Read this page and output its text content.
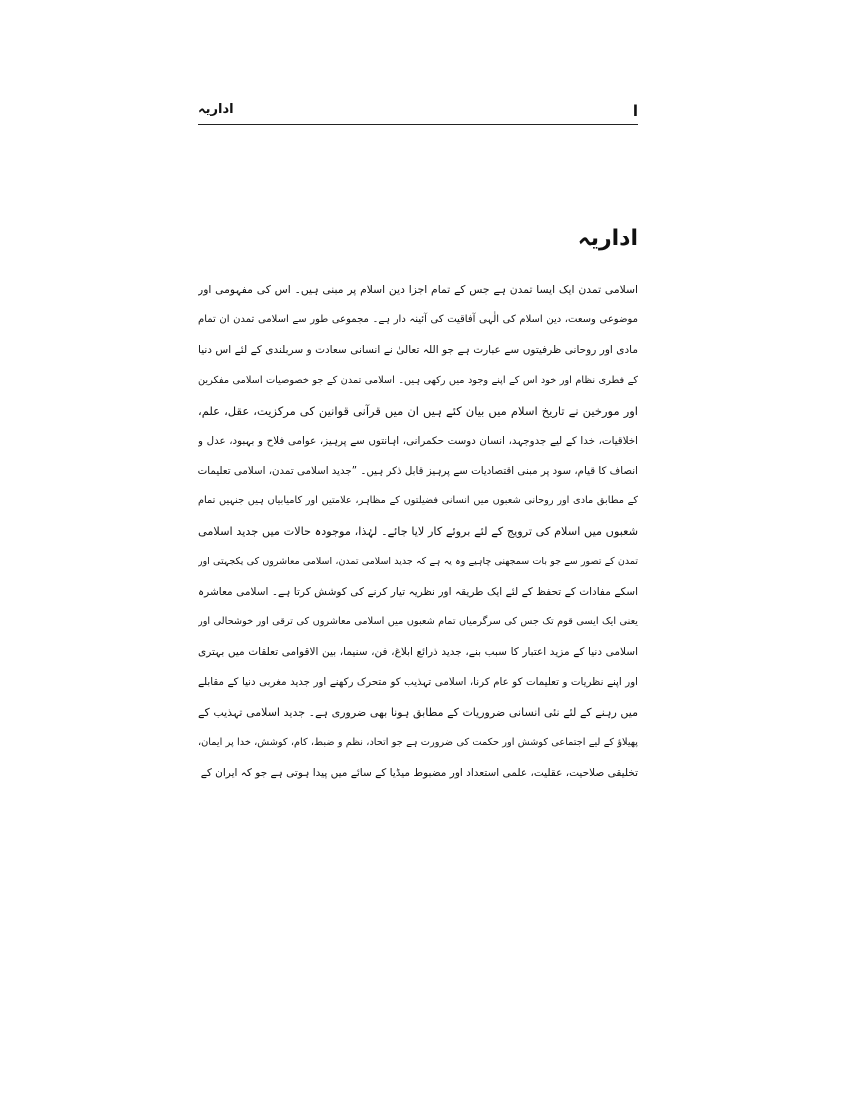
ا
اداریہ
اداریہ
اسلامی تمدن ایک ایسا تمدن ہے جس کے تمام اجزا دین اسلام پر مبنی ہیں۔ اس کی مفہومی اور
موضوعی وسعت، دین اسلام کی الٰہی آفاقیت کی آئینہ دار ہے۔ مجموعی طور سے اسلامی تمدن ان تمام
مادی اور روحانی ظرفیتوں سے عبارت ہے جو اللہ تعالیٰ نے انسانی سعادت و سربلندی کے لئے اس دنیا
کے فطری نظام اور خود اس کے اپنے وجود میں رکھی ہیں۔ اسلامی تمدن کے جو خصوصیات اسلامی مفکرین
اور مورخین نے تاریخ اسلام میں بیان کئے ہیں ان میں قرآنی قوانین کی مرکزیت، عقل، علم،
اخلاقیات، خدا کے لیے جدوجہد، انسان دوست حکمرانی، اہانتوں سے پرہیز، عوامی فلاح و بہبود، عدل و
انصاف کا قیام، سود پر مبنی اقتصادیات سے پرہیز قابل ذکر ہیں۔ ”جدید اسلامی تمدن، اسلامی تعلیمات
کے مطابق مادی اور روحانی شعبوں میں انسانی فضیلتوں کے مظاہر، علامتیں اور کامیابیاں ہیں جنہیں تمام
شعبوں میں اسلام کی ترویج کے لئے بروئے کار لایا جائے۔ لہٰذا، موجودہ حالات میں جدید اسلامی
تمدن کے تصور سے جو بات سمجھنی چاہیے وہ یہ ہے کہ جدید اسلامی تمدن، اسلامی معاشروں کی یکجہتی اور
اسکے مفادات کے تحفظ کے لئے ایک طریقہ اور نظریہ تیار کرنے کی کوشش کرتا ہے۔ اسلامی معاشرہ
یعنی ایک ایسی قوم تک جس کی سرگرمیاں تمام شعبوں میں اسلامی معاشروں کی ترقی اور خوشحالی اور
اسلامی دنیا کے مزید اعتبار کا سبب بنے، جدید ذرائع ابلاغ، فن، سنیما، بین الاقوامی تعلقات میں بہتری
اور اپنے نظریات و تعلیمات کو عام کرنا، اسلامی تہذیب کو متحرک رکھنے اور جدید مغربی دنیا کے مقابلے
میں رہنے کے لئے نئی انسانی ضروریات کے مطابق ہونا بھی ضروری ہے۔ جدید اسلامی تہذیب کے
پھیلاؤ کے لیے اجتماعی کوشش اور حکمت کی ضرورت ہے جو اتحاد، نظم و ضبط، کام، کوشش، خدا پر ایمان،
تخلیقی صلاحیت، عقلیت، علمی استعداد اور مضبوط میڈیا کے سائے میں پیدا ہوتی ہے جو کہ ایران کے
